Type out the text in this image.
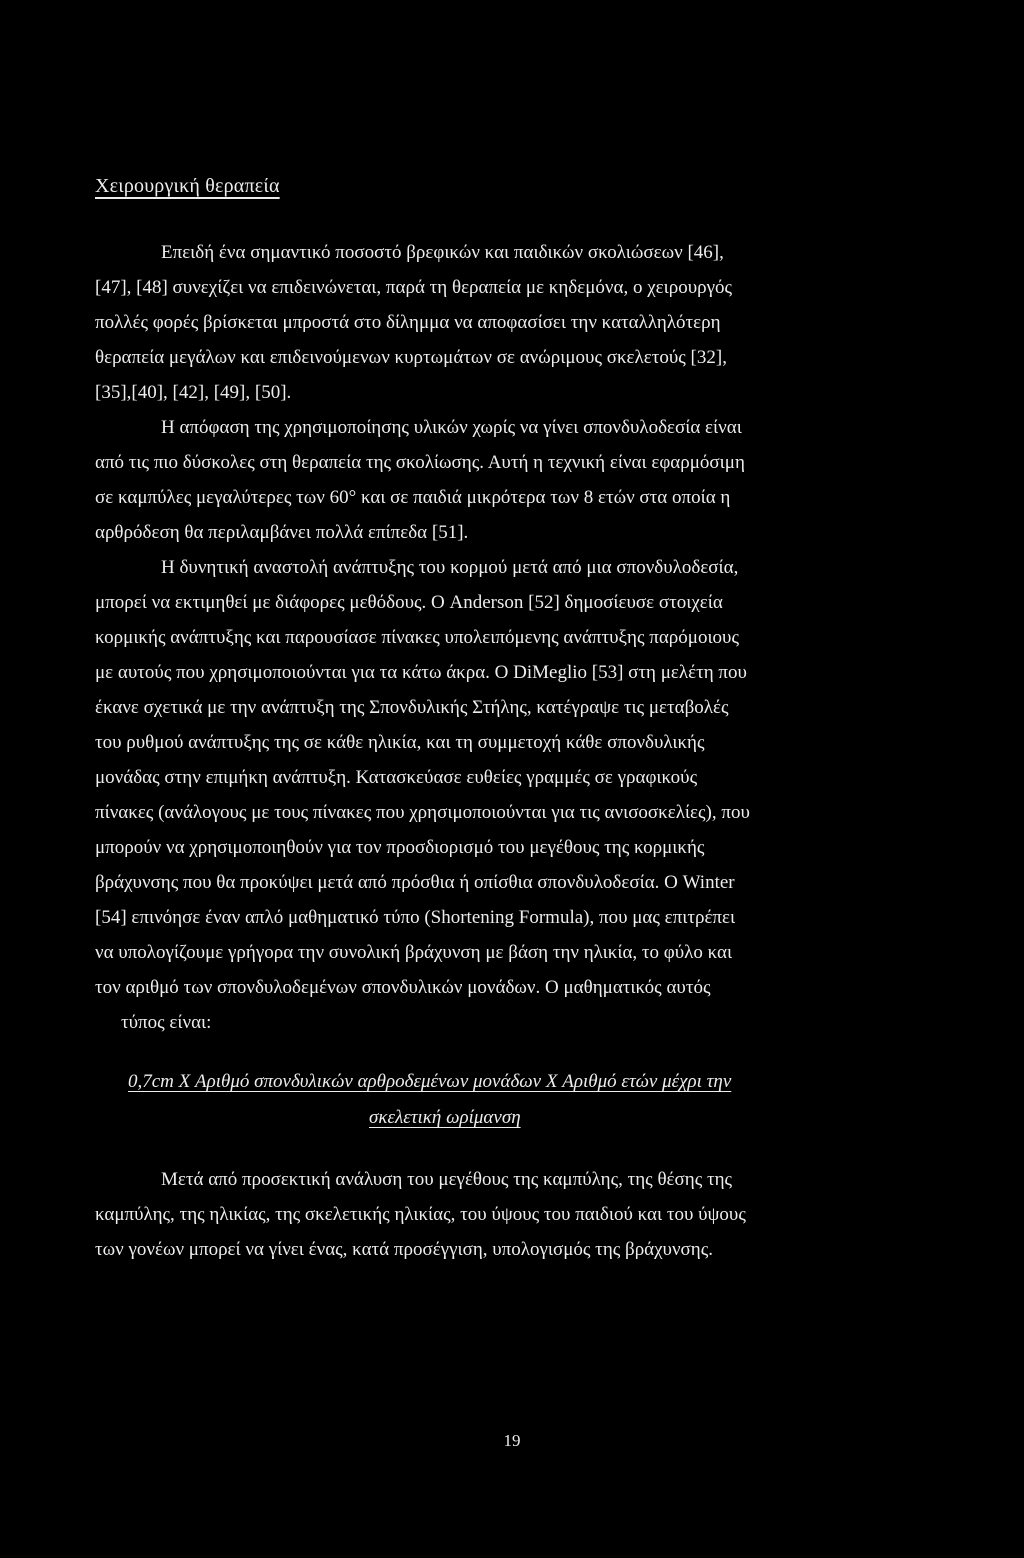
Χειρουργική θεραπεία
Επειδή ένα σημαντικό ποσοστό βρεφικών και παιδικών σκολιώσεων [46],
[47], [48] συνεχίζει να επιδεινώνεται, παρά τη θεραπεία με κηδεμόνα, ο χειρουργός
πολλές φορές βρίσκεται μπροστά στο δίλημμα να αποφασίσει την καταλληλότερη
θεραπεία μεγάλων και επιδεινούμενων κυρτωμάτων σε ανώριμους σκελετούς [32],
[35],[40], [42], [49], [50].
Η απόφαση της χρησιμοποίησης υλικών χωρίς να γίνει σπονδυλοδεσία είναι
από τις πιο δύσκολες στη θεραπεία της σκολίωσης. Αυτή η τεχνική είναι εφαρμόσιμη
σε καμπύλες μεγαλύτερες των 60° και σε παιδιά μικρότερα των 8 ετών στα οποία η
αρθρόδεση θα περιλαμβάνει πολλά επίπεδα [51].
Η δυνητική αναστολή ανάπτυξης του κορμού μετά από μια σπονδυλοδεσία,
μπορεί να εκτιμηθεί με διάφορες μεθόδους. Ο Anderson [52] δημοσίευσε στοιχεία
κορμικής ανάπτυξης και παρουσίασε πίνακες υπολειπόμενης ανάπτυξης παρόμοιους
με αυτούς που χρησιμοποιούνται για τα κάτω άκρα. Ο DiMeglio [53] στη μελέτη που
έκανε σχετικά με την ανάπτυξη της Σπονδυλικής Στήλης, κατέγραψε τις μεταβολές
του ρυθμού ανάπτυξης της σε κάθε ηλικία, και τη συμμετοχή κάθε σπονδυλικής
μονάδας στην επιμήκη ανάπτυξη. Κατασκεύασε ευθείες γραμμές σε γραφικούς
πίνακες (ανάλογους με τους πίνακες που χρησιμοποιούνται για τις ανισοσκελίες), που
μπορούν να χρησιμοποιηθούν για τον προσδιορισμό του μεγέθους της κορμικής
βράχυνσης που θα προκύψει μετά από πρόσθια ή οπίσθια σπονδυλοδεσία. Ο Winter
[54] επινόησε έναν απλό μαθηματικό τύπο (Shortening Formula), που μας επιτρέπει
να υπολογίζουμε γρήγορα την συνολική βράχυνση με βάση την ηλικία, το φύλο και
τον αριθμό των σπονδυλοδεμένων σπονδυλικών μονάδων. Ο μαθηματικός αυτός
τύπος είναι:
0,7cm X Αριθμό σπονδυλικών αρθροδεμένων μονάδων X Αριθμό ετών μέχρι την
σκελετική ωρίμανση
Μετά από προσεκτική ανάλυση του μεγέθους της καμπύλης, της θέσης της
καμπύλης, της ηλικίας, της σκελετικής ηλικίας, του ύψους του παιδιού και του ύψους
των γονέων μπορεί να γίνει ένας, κατά προσέγγιση, υπολογισμός της βράχυνσης.
19
